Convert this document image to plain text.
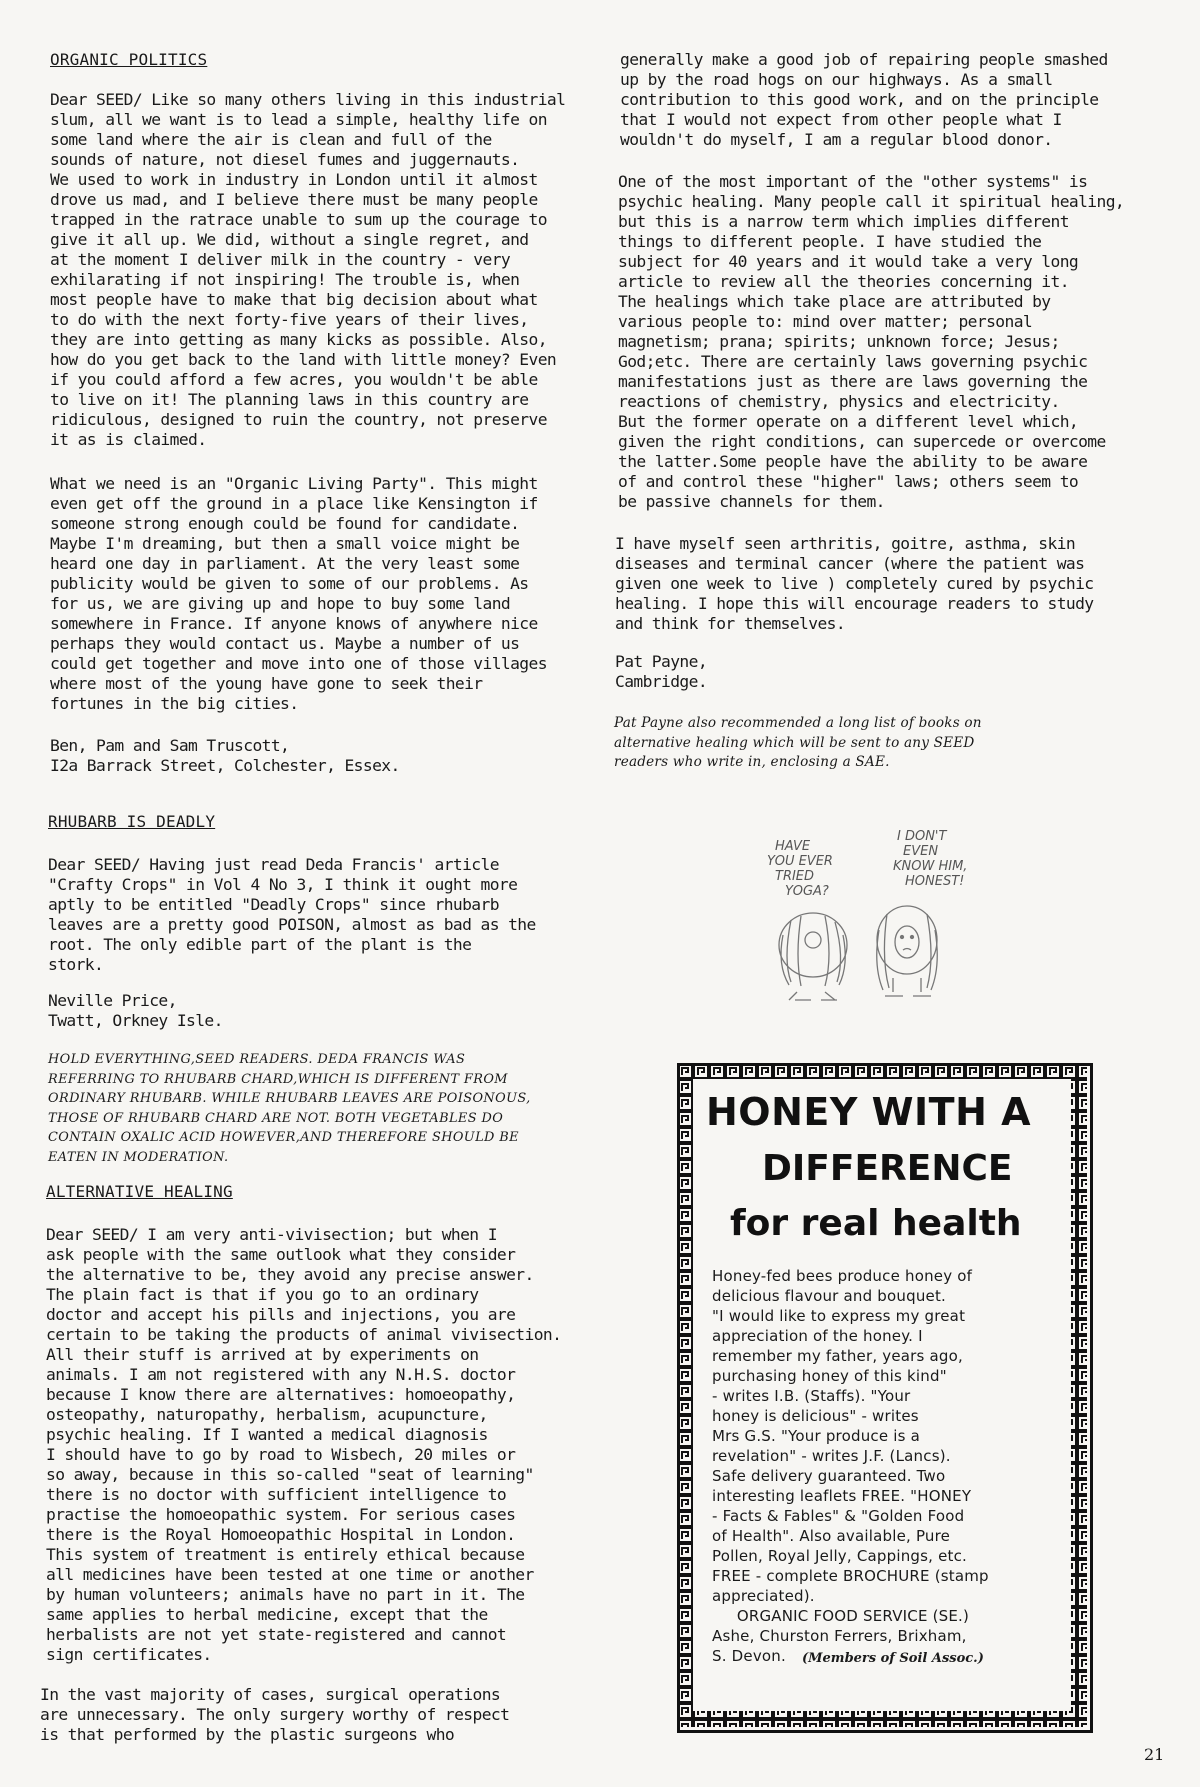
ORGANIC POLITICS
Dear SEED/ Like so many others living in this industrial
slum, all we want is to lead a simple, healthy life on
some land where the air is clean and full of the
sounds of nature, not diesel fumes and juggernauts.
We used to work in industry in London until it almost
drove us mad, and I believe there must be many people
trapped in the ratrace unable to sum up the courage to
give it all up. We did, without a single regret, and
at the moment I deliver milk in the country - very
exhilarating if not inspiring! The trouble is, when
most people have to make that big decision about what
to do with the next forty-five years of their lives,
they are into getting as many kicks as possible. Also,
how do you get back to the land with little money? Even
if you could afford a few acres, you wouldn't be able
to live on it! The planning laws in this country are
ridiculous, designed to ruin the country, not preserve
it as is claimed.
What we need is an "Organic Living Party". This might
even get off the ground in a place like Kensington if
someone strong enough could be found for candidate.
Maybe I'm dreaming, but then a small voice might be
heard one day in parliament. At the very least some
publicity would be given to some of our problems. As
for us, we are giving up and hope to buy some land
somewhere in France. If anyone knows of anywhere nice
perhaps they would contact us. Maybe a number of us
could get together and move into one of those villages
where most of the young have gone to seek their
fortunes in the big cities.
Ben, Pam and Sam Truscott,
I2a Barrack Street, Colchester, Essex.
RHUBARB IS DEADLY
Dear SEED/ Having just read Deda Francis' article
"Crafty Crops" in Vol 4 No 3, I think it ought more
aptly to be entitled "Deadly Crops" since rhubarb
leaves are a pretty good POISON, almost as bad as the
root. The only edible part of the plant is the
stork.
Neville Price,
Twatt, Orkney Isle.
HOLD EVERYTHING,SEED READERS. DEDA FRANCIS WAS
REFERRING TO RHUBARB CHARD,WHICH IS DIFFERENT FROM
ORDINARY RHUBARB. WHILE RHUBARB LEAVES ARE POISONOUS,
THOSE OF RHUBARB CHARD ARE NOT. BOTH VEGETABLES DO
CONTAIN OXALIC ACID HOWEVER,AND THEREFORE SHOULD BE
EATEN IN MODERATION.
ALTERNATIVE HEALING
Dear SEED/ I am very anti-vivisection; but when I
ask people with the same outlook what they consider
the alternative to be, they avoid any precise answer.
The plain fact is that if you go to an ordinary
doctor and accept his pills and injections, you are
certain to be taking the products of animal vivisection.
All their stuff is arrived at by experiments on
animals. I am not registered with any N.H.S. doctor
because I know there are alternatives: homoeopathy,
osteopathy, naturopathy, herbalism, acupuncture,
psychic healing. If I wanted a medical diagnosis
I should have to go by road to Wisbech, 20 miles or
so away, because in this so-called "seat of learning"
there is no doctor with sufficient intelligence to
practise the homoeopathic system. For serious cases
there is the Royal Homoeopathic Hospital in London.
This system of treatment is entirely ethical because
all medicines have been tested at one time or another
by human volunteers; animals have no part in it. The
same applies to herbal medicine, except that the
herbalists are not yet state-registered and cannot
sign certificates.
In the vast majority of cases, surgical operations
are unnecessary. The only surgery worthy of respect
is that performed by the plastic surgeons who
generally make a good job of repairing people smashed
up by the road hogs on our highways. As a small
contribution to this good work, and on the principle
that I would not expect from other people what I
wouldn't do myself, I am a regular blood donor.
One of the most important of the "other systems" is
psychic healing. Many people call it spiritual healing,
but this is a narrow term which implies different
things to different people. I have studied the
subject for 40 years and it would take a very long
article to review all the theories concerning it.
The healings which take place are attributed by
various people to: mind over matter; personal
magnetism; prana; spirits; unknown force; Jesus;
God;etc. There are certainly laws governing psychic
manifestations just as there are laws governing the
reactions of chemistry, physics and electricity.
But the former operate on a different level which,
given the right conditions, can supercede or overcome
the latter.Some people have the ability to be aware
of and control these "higher" laws; others seem to
be passive channels for them.
I have myself seen arthritis, goitre, asthma, skin
diseases and terminal cancer (where the patient was
given one week to live ) completely cured by psychic
healing. I hope this will encourage readers to study
and think for themselves.
Pat Payne,
Cambridge.
Pat Payne also recommended a long list of books on
alternative healing which will be sent to any SEED
readers who write in, enclosing a SAE.
HAVE
YOU EVER
TRIED
YOGA?
I DON'T
EVEN
KNOW HIM,
HONEST!
HONEY WITH A
DIFFERENCE
for real health
Honey-fed bees produce honey of
delicious flavour and bouquet.
"I would like to express my great
appreciation of the honey. I
remember my father, years ago,
purchasing honey of this kind"
- writes I.B. (Staffs). "Your
honey is delicious" - writes
Mrs G.S. "Your produce is a
revelation" - writes J.F. (Lancs).
Safe delivery guaranteed. Two
interesting leaflets FREE. "HONEY
- Facts & Fables" & "Golden Food
of Health". Also available, Pure
Pollen, Royal Jelly, Cappings, etc.
FREE - complete BROCHURE (stamp
appreciated).
ORGANIC FOOD SERVICE (SE.)
Ashe, Churston Ferrers, Brixham,
S. Devon.	(Members of Soil Assoc.)
21
